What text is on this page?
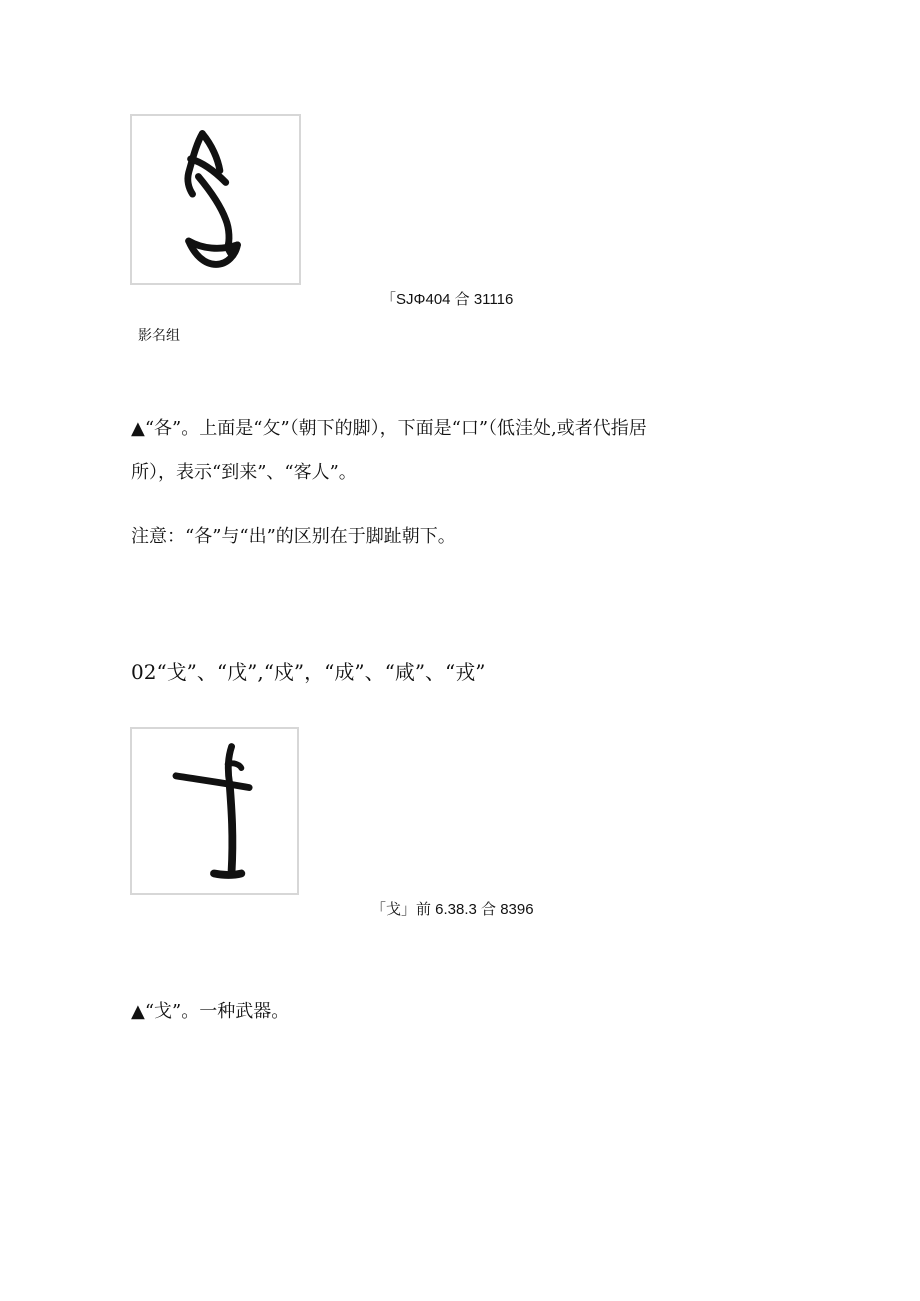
「SJΦ404 合 31116
影名组
▲“各”。上面是“攵”（朝下的脚），下面是“口”（低洼处,或者代指居
所），表示“到来”、“客人”。
注意：“各”与“出”的区别在于脚趾朝下。
02“戈”、“戊”,“戍”，“成”、“咸”、“戎”
「戈」前 6.38.3 合 8396
▲“戈”。一种武器。
